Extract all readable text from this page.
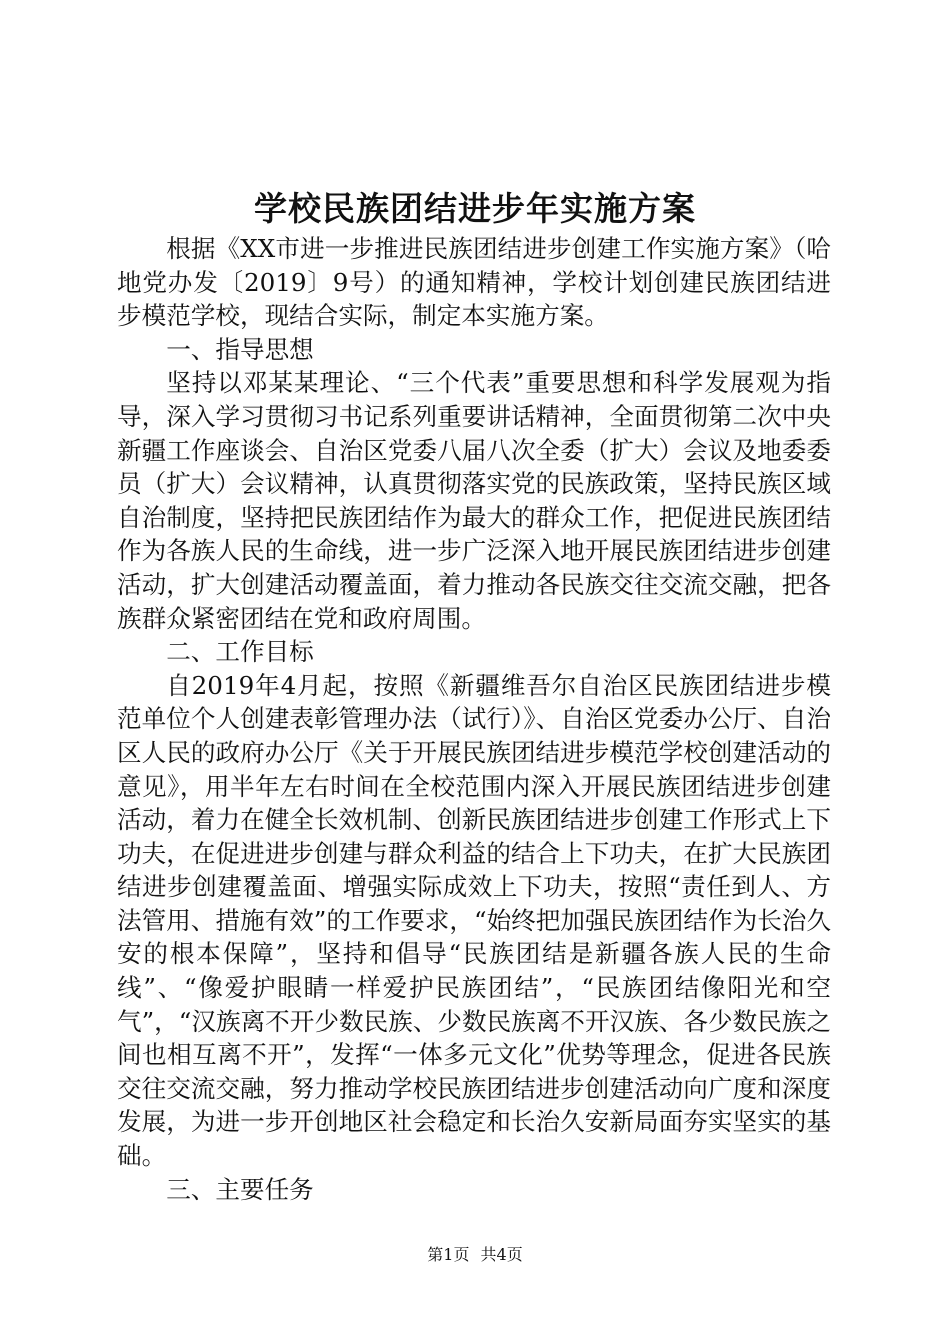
学校民族团结进步年实施方案

根据《XX市进一步推进民族团结进步创建工作实施方案》（哈地党办发〔2019〕9号）的通知精神，学校计划创建民族团结进步模范学校，现结合实际，制定本实施方案。

一、指导思想

坚持以邓某某理论、“三个代表”重要思想和科学发展观为指导，深入学习贯彻习书记系列重要讲话精神，全面贯彻第二次中央新疆工作座谈会、自治区党委八届八次全委（扩大）会议及地委委员（扩大）会议精神，认真贯彻落实党的民族政策，坚持民族区域自治制度，坚持把民族团结作为最大的群众工作，把促进民族团结作为各族人民的生命线，进一步广泛深入地开展民族团结进步创建活动，扩大创建活动覆盖面，着力推动各民族交往交流交融，把各族群众紧密团结在党和政府周围。

二、工作目标

自2019年4月起，按照《新疆维吾尔自治区民族团结进步模范单位个人创建表彰管理办法（试行）》、自治区党委办公厅、自治区人民的政府办公厅《关于开展民族团结进步模范学校创建活动的意见》，用半年左右时间在全校范围内深入开展民族团结进步创建活动，着力在健全长效机制、创新民族团结进步创建工作形式上下功夫，在促进进步创建与群众利益的结合上下功夫，在扩大民族团结进步创建覆盖面、增强实际成效上下功夫，按照“责任到人、方法管用、措施有效”的工作要求，“始终把加强民族团结作为长治久安的根本保障”，坚持和倡导“民族团结是新疆各族人民的生命线”、“像爱护眼睛一样爱护民族团结”，“民族团结像阳光和空气”，“汉族离不开少数民族、少数民族离不开汉族、各少数民族之间也相互离不开”，发挥“一体多元文化”优势等理念，促进各民族交往交流交融，努力推动学校民族团结进步创建活动向广度和深度发展，为进一步开创地区社会稳定和长治久安新局面夯实坚实的基础。

三、主要任务

第1页 共4页
